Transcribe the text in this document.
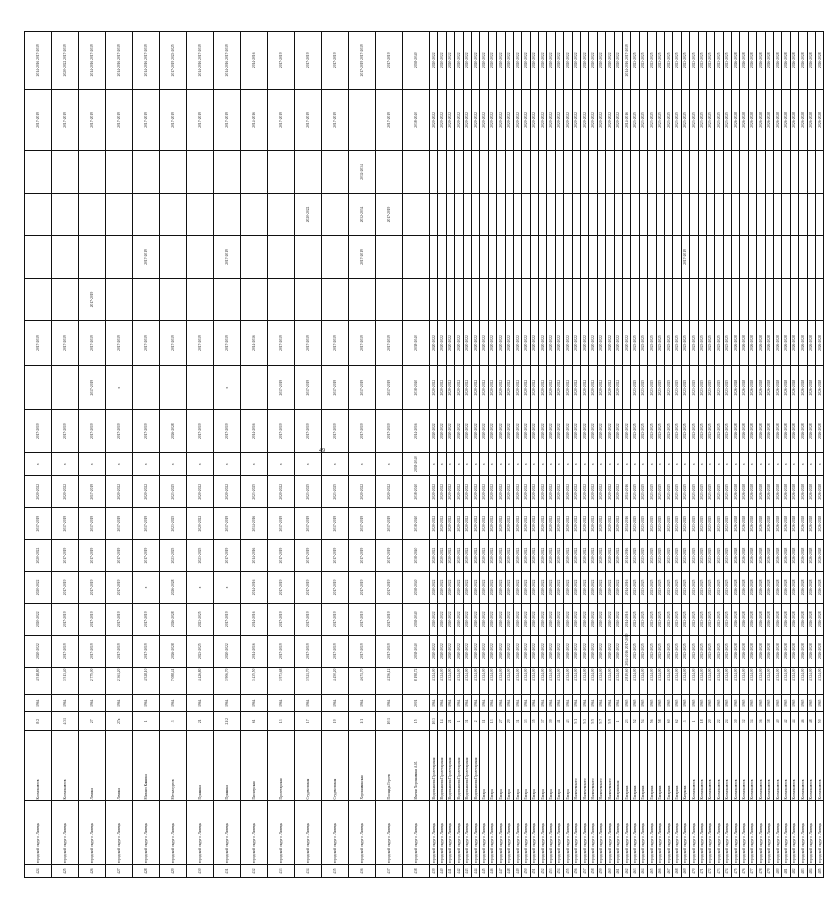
49
424	городской округ г. Липецк	Космонавтов	8/2	1964	4 518,80	2020-2022	2020-2022	2020-2022	2020-2022	2017-2019	2020-2022	х	2017-2019		2017-2019					2017-2019	2014-2016 2017-2019
425	городской округ г. Липецк	Космонавтов	4/31	1964	3 513,40	2017-2019	2017-2019	2017-2019	2017-2019	2017-2019	2020-2022	х	2017-2019		2017-2019					2017-2019	2020-2022 2017-2019
426	городской округ г. Липецк	Ленина	27	1964	2 775,00	2017-2019	2017-2019	2017-2019	2017-2019	2017-2019	2017-2019	х	2017-2019	2017-2019	2017-2019	2017-2019				2017-2019	2014-2016 2017-2019
427	городской округ г. Липецк	Ленина	27а	1964	2 361,20	2017-2019	2017-2019	2017-2019	2017-2019	2017-2019	2020-2022	х	2017-2019	х	2017-2019					2017-2019	2014-2016 2017-2019
428	городской округ г. Липецк	Михаил Кашина	1	1964	4 528,10	2017-2019	2017-2019	х	2017-2019	2017-2019	2020-2022	х	2017-2019		2017-2019		2017-2019			2017-2019	2014-2016 2017-2019
429	городской округ г. Липецк	Металлургов	3	1964	7 088,41	2026-2028	2026-2028	2026-2028	2023-2025	2023-2025	2023-2025	х	2026-2028		2017-2019					2017-2019	2017-2019 2023-2025
430	городской округ г. Липецк	Пушкина	21	1964	4 426,80	2023-2025	2023-2025	х	2023-2025	2020-2022	2020-2022	х	2017-2019		2017-2019					2017-2019	2014-2016 2017-2019
431	городской округ г. Липецк	Пушкина	21/2	1964	3 906,70	2020-2022	2017-2019	х	2017-2019	2017-2019	2020-2022	х	2017-2019	х	2017-2019		2017-2019			2017-2019	2014-2016 2017-2019
432	городской округ г. Липецк	Пионерская	61	1964	3 435,50	2014-2016	2014-2016	2014-2016	2014-2016	2014-2016	2023-2025	х	2014-2016		2014-2016					2014-2016	2014-2016
433	городской округ г. Липецк	Пролетарская	13	1964	3 973,68	2017-2019	2017-2019	2017-2019	2017-2019	2017-2019	2020-2022	х	2017-2019	2017-2019	2017-2019					2017-2019	2017-2019
434	городской округ г. Липецк	Студеновская	17	1964	3 521,70	2017-2019	2017-2019	2017-2019	2017-2019	2017-2019	2023-2025	х	2017-2019	2017-2019	2017-2019			2020-2022		2017-2019	2017-2019
435	городской округ г. Липецк	Студеновская	19	1964	4 450,20	2017-2019	2017-2019	2017-2019	2017-2019	2017-2019	2023-2025	х	2017-2019	2017-2019	2017-2019					2017-2019	2017-2019
436	городской округ г. Липецк	Хорошавинская	1/1	1964	4 671,70	2017-2019	2017-2019	2017-2019	2017-2019	2017-2019	2020-2022	х	2017-2019	2017-2019	2017-2019		2017-2019	2032-2034	2032-2034		2017-2019 2017-2019
437	городской округ г. Липецк	Площадь Героев	10/1	1964	4 256,12	2017-2019	2017-2019	2017-2019	2017-2019	2017-2019	2020-2022	х	2017-2019	2017-2019	2017-2019			2017-2019		2017-2019	2017-2019
438	городской округ г. Липецк	Имени Хорошавина А.И.	15	2001	8 198,72	2038-2040	2038-2040	2038-2040	2038-2040	2038-2040	2038-2040	2038-2040	2014-2016	2038-2040	2038-2040					2038-2040	2038-2040
439	городской округ г. Липецк	Водопьянова Пролетарская	10/3	1964	4 324,00	2020-2022	2020-2022	2020-2022	2020-2022	2020-2022	2020-2022	х	2020-2022	2020-2022	2020-2022					2020-2022	2020-2022
440	городской округ г. Липецк	Водопьянова Пролетарская	14	1964	4 324,00	2020-2022	2020-2022	2020-2022	2020-2022	2020-2022	2020-2022	х	2020-2022	2020-2022	2020-2022					2020-2022	2020-2022
441	городской округ г. Липецк	Водопьянова Пролетарская	21	1964	4 324,00	2020-2022	2020-2022	2020-2022	2020-2022	2020-2022	2020-2022	х	2020-2022	2020-2022	2020-2022					2020-2022	2020-2022
442	городской округ г. Липецк	Водопьянова Пролетарская	1	1964	4 324,00	2020-2022	2020-2022	2020-2022	2020-2022	2020-2022	2020-2022	х	2020-2022	2020-2022	2020-2022					2020-2022	2020-2022
443	городской округ г. Липецк	Водопьянова Пролетарская	31	1964	4 324,00	2020-2022	2020-2022	2020-2022	2020-2022	2020-2022	2020-2022	х	2020-2022	2020-2022	2020-2022					2020-2022	2020-2022
444	городской округ г. Липецк	Водопьянова Пролетарская	2	1964	4 324,00	2020-2022	2020-2022	2020-2022	2020-2022	2020-2022	2020-2022	х	2020-2022	2020-2022	2020-2022					2020-2022	2020-2022
445	городской округ г. Липецк	Гагара	11	1964	4 324,00	2020-2022	2020-2022	2020-2022	2020-2022	2020-2022	2020-2022	х	2020-2022	2020-2022	2020-2022					2020-2022	2020-2022
446	городской округ г. Липецк	Гагара	13	1964	4 324,00	2020-2022	2020-2022	2020-2022	2020-2022	2020-2022	2020-2022	х	2020-2022	2020-2022	2020-2022					2020-2022	2020-2022
447	городской округ г. Липецк	Гагара	27	1964	4 324,00	2020-2022	2020-2022	2020-2022	2020-2022	2020-2022	2020-2022	х	2020-2022	2020-2022	2020-2022					2020-2022	2020-2022
448	городской округ г. Липецк	Гагара	29	1964	4 324,00	2020-2022	2020-2022	2020-2022	2020-2022	2020-2022	2020-2022	х	2020-2022	2020-2022	2020-2022					2020-2022	2020-2022
449	городской округ г. Липецк	Гагара	31	1964	4 324,00	2020-2022	2020-2022	2020-2022	2020-2022	2020-2022	2020-2022	х	2020-2022	2020-2022	2020-2022					2020-2022	2020-2022
450	городской округ г. Липецк	Гагара	33	1964	4 324,00	2020-2022	2020-2022	2020-2022	2020-2022	2020-2022	2020-2022	х	2020-2022	2020-2022	2020-2022					2020-2022	2020-2022
451	городской округ г. Липецк	Гагара	35	1964	4 324,00	2020-2022	2020-2022	2020-2022	2020-2022	2020-2022	2020-2022	х	2020-2022	2020-2022	2020-2022					2020-2022	2020-2022
452	городской округ г. Липецк	Гагара	37	1964	4 324,00	2020-2022	2020-2022	2020-2022	2020-2022	2020-2022	2020-2022	х	2020-2022	2020-2022	2020-2022					2020-2022	2020-2022
453	городской округ г. Липецк	Гагара	39	1964	4 324,00	2020-2022	2020-2022	2020-2022	2020-2022	2020-2022	2020-2022	х	2020-2022	2020-2022	2020-2022					2020-2022	2020-2022
454	городской округ г. Липецк	Гагара	41	1964	4 324,00	2020-2022	2020-2022	2020-2022	2020-2022	2020-2022	2020-2022	х	2020-2022	2020-2022	2020-2022					2020-2022	2020-2022
455	городской округ г. Липецк	Гагара	43	1964	4 324,00	2020-2022	2020-2022	2020-2022	2020-2022	2020-2022	2020-2022	х	2020-2022	2020-2022	2020-2022					2020-2022	2020-2022
456	городской округ г. Липецк	Наличевского	5/1	1964	4 324,00	2020-2022	2020-2022	2020-2022	2020-2022	2020-2022	2020-2022	х	2020-2022	2020-2022	2020-2022					2020-2022	2020-2022
457	городской округ г. Липецк	Наличевского	5/3	1964	4 324,00	2020-2022	2020-2022	2020-2022	2020-2022	2020-2022	2020-2022	х	2020-2022	2020-2022	2020-2022					2020-2022	2020-2022
458	городской округ г. Липецк	Наличевского	5/5	1964	4 324,00	2020-2022	2020-2022	2020-2022	2020-2022	2020-2022	2020-2022	х	2020-2022	2020-2022	2020-2022					2020-2022	2020-2022
459	городской округ г. Липецк	Наличевского	5/7	1964	4 324,00	2020-2022	2020-2022	2020-2022	2020-2022	2020-2022	2020-2022	х	2020-2022	2020-2022	2020-2022					2020-2022	2020-2022
460	городской округ г. Липецк	Наличевского	5/9	1964	4 324,00	2020-2022	2020-2022	2020-2022	2020-2022	2020-2022	2020-2022	х	2020-2022	2020-2022	2020-2022					2020-2022	2020-2022
461	городской округ г. Липецк	Гагаринская	1	1964	4 324,00	2020-2022	2020-2022	2020-2022	2020-2022	2020-2022	2020-2022	х	2020-2022	2020-2022	2020-2022					2020-2022	2020-2022
462	городской округ г. Липецк	Гагарина	23	1965	2 819,60	2014-2016 2017-2019	2014-2016	2014-2016	2014-2016	2014-2016	2014-2016	х	2020-2022		2020-2022					2014-2016	2014-2016 2017-2019
463	городской округ г. Липецк	Гагарина	52	1965	4 324,00	2023-2025	2023-2025	2023-2025	2023-2025	2023-2025	2023-2025	х	2023-2025	2023-2025	2023-2025					2023-2025	2023-2025
464	городской округ г. Липецк	Гагарина	54	1965	4 324,00	2023-2025	2023-2025	2023-2025	2023-2025	2023-2025	2023-2025	х	2023-2025	2023-2025	2023-2025					2023-2025	2023-2025
465	городской округ г. Липецк	Гагарина	56	1965	4 324,00	2023-2025	2023-2025	2023-2025	2023-2025	2023-2025	2023-2025	х	2023-2025	2023-2025	2023-2025					2023-2025	2023-2025
466	городской округ г. Липецк	Гагарина	58	1965	4 324,00	2023-2025	2023-2025	2023-2025	2023-2025	2023-2025	2023-2025	х	2023-2025	2023-2025	2023-2025					2023-2025	2023-2025
467	городской округ г. Липецк	Гагарина	60	1965	4 324,00	2023-2025	2023-2025	2023-2025	2023-2025	2023-2025	2023-2025	х	2023-2025	2023-2025	2023-2025					2023-2025	2023-2025
468	городской округ г. Липецк	Гагарина	62	1965	4 324,00	2023-2025	2023-2025	2023-2025	2023-2025	2023-2025	2023-2025	х	2023-2025	2023-2025	2023-2025					2023-2025	2023-2025
469	городской округ г. Липецк	Катукова	3	1965	4 324,00	2023-2025	2023-2025	2023-2025	2023-2025	2023-2025	2023-2025	х	2023-2025	2023-2025	2023-2025		2017-2019			2023-2025	2023-2025
470	городской округ г. Липецк	Космонавтов	1	1965	4 324,00	2023-2025	2023-2025	2023-2025	2023-2025	2023-2025	2023-2025	х	2023-2025	2023-2025	2023-2025					2023-2025	2023-2025
471	городской округ г. Липецк	Космонавтов	18	1965	4 324,00	2023-2025	2023-2025	2023-2025	2023-2025	2023-2025	2023-2025	х	2023-2025	2023-2025	2023-2025					2023-2025	2023-2025
472	городской округ г. Липецк	Космонавтов	20	1965	4 324,00	2023-2025	2023-2025	2023-2025	2023-2025	2023-2025	2023-2025	х	2023-2025	2023-2025	2023-2025					2023-2025	2023-2025
473	городской округ г. Липецк	Космонавтов	22	1965	4 324,00	2023-2025	2023-2025	2023-2025	2023-2025	2023-2025	2023-2025	х	2023-2025	2023-2025	2023-2025					2023-2025	2023-2025
474	городской округ г. Липецк	Космонавтов	24	1965	4 324,00	2023-2025	2023-2025	2023-2025	2023-2025	2023-2025	2023-2025	х	2023-2025	2023-2025	2023-2025					2023-2025	2023-2025
475	городской округ г. Липецк	Космонавтов	30	1965	4 324,00	2026-2028	2026-2028	2026-2028	2026-2028	2026-2028	2026-2028	х	2026-2028	2026-2028	2026-2028					2026-2028	2026-2028
476	городской округ г. Липецк	Космонавтов	32	1965	4 324,00	2026-2028	2026-2028	2026-2028	2026-2028	2026-2028	2026-2028	х	2026-2028	2026-2028	2026-2028					2026-2028	2026-2028
477	городской округ г. Липецк	Космонавтов	34	1965	4 324,00	2026-2028	2026-2028	2026-2028	2026-2028	2026-2028	2026-2028	х	2026-2028	2026-2028	2026-2028					2026-2028	2026-2028
478	городской округ г. Липецк	Космонавтов	36	1965	4 324,00	2026-2028	2026-2028	2026-2028	2026-2028	2026-2028	2026-2028	х	2026-2028	2026-2028	2026-2028					2026-2028	2026-2028
479	городской округ г. Липецк	Космонавтов	38	1965	4 324,00	2026-2028	2026-2028	2026-2028	2026-2028	2026-2028	2026-2028	х	2026-2028	2026-2028	2026-2028					2026-2028	2026-2028
480	городской округ г. Липецк	Космонавтов	40	1965	4 324,00	2026-2028	2026-2028	2026-2028	2026-2028	2026-2028	2026-2028	х	2026-2028	2026-2028	2026-2028					2026-2028	2026-2028
481	городской округ г. Липецк	Космонавтов	42	1965	4 324,00	2026-2028	2026-2028	2026-2028	2026-2028	2026-2028	2026-2028	х	2026-2028	2026-2028	2026-2028					2026-2028	2026-2028
482	городской округ г. Липецк	Космонавтов	44	1965	4 324,00	2026-2028	2026-2028	2026-2028	2026-2028	2026-2028	2026-2028	х	2026-2028	2026-2028	2026-2028					2026-2028	2026-2028
483	городской округ г. Липецк	Космонавтов	46	1965	4 324,00	2026-2028	2026-2028	2026-2028	2026-2028	2026-2028	2026-2028	х	2026-2028	2026-2028	2026-2028					2026-2028	2026-2028
484	городской округ г. Липецк	Космонавтов	48	1965	4 324,00	2026-2028	2026-2028	2026-2028	2026-2028	2026-2028	2026-2028	х	2026-2028	2026-2028	2026-2028					2026-2028	2026-2028
485	городской округ г. Липецк	Космонавтов	50	1965	4 324,00	2026-2028	2026-2028	2026-2028	2026-2028	2026-2028	2026-2028	х	2026-2028	2026-2028	2026-2028					2026-2028	2026-2028
